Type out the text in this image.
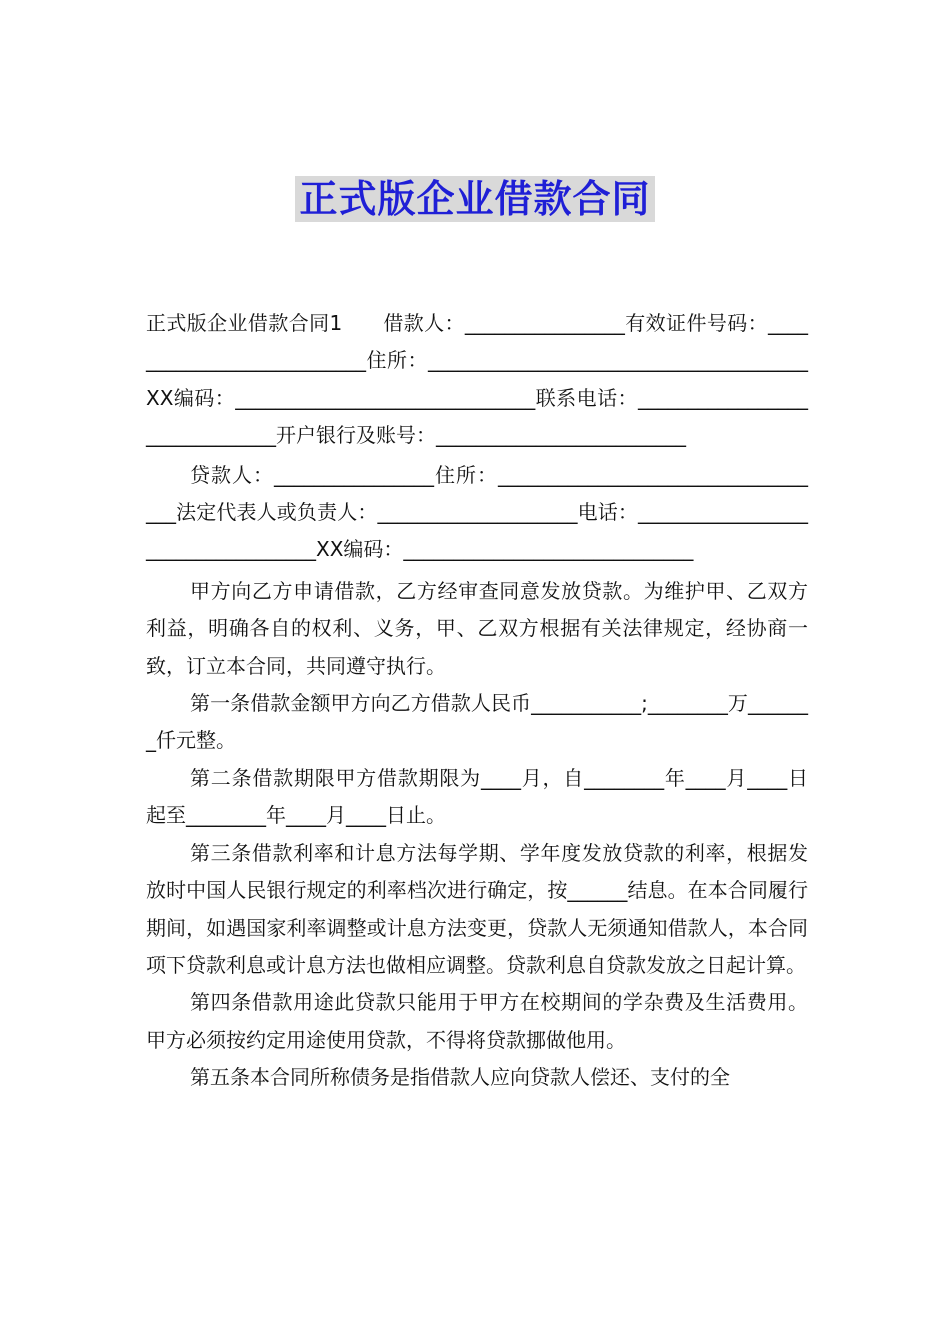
正式版企业借款合同

正式版企业借款合同1　　借款人：________________有效证件号码：__________________________住所：______________________________________XX编码：______________________________联系电话：______________________________开户银行及账号：_________________________

贷款人：________________住所：__________________________________法定代表人或负责人：____________________电话：__________________________________XX编码：_____________________________

甲方向乙方申请借款，乙方经审查同意发放贷款。为维护甲、乙双方利益，明确各自的权利、义务，甲、乙双方根据有关法律规定，经协商一致，订立本合同，共同遵守执行。

第一条借款金额甲方向乙方借款人民币___________;________万_______仟元整。

第二条借款期限甲方借款期限为____月，自________年____月____日起至________年____月____日止。

第三条借款利率和计息方法每学期、学年度发放贷款的利率，根据发放时中国人民银行规定的利率档次进行确定，按______结息。在本合同履行期间，如遇国家利率调整或计息方法变更，贷款人无须通知借款人，本合同项下贷款利息或计息方法也做相应调整。贷款利息自贷款发放之日起计算。

第四条借款用途此贷款只能用于甲方在校期间的学杂费及生活费用。甲方必须按约定用途使用贷款，不得将贷款挪做他用。

第五条本合同所称债务是指借款人应向贷款人偿还、支付的全
